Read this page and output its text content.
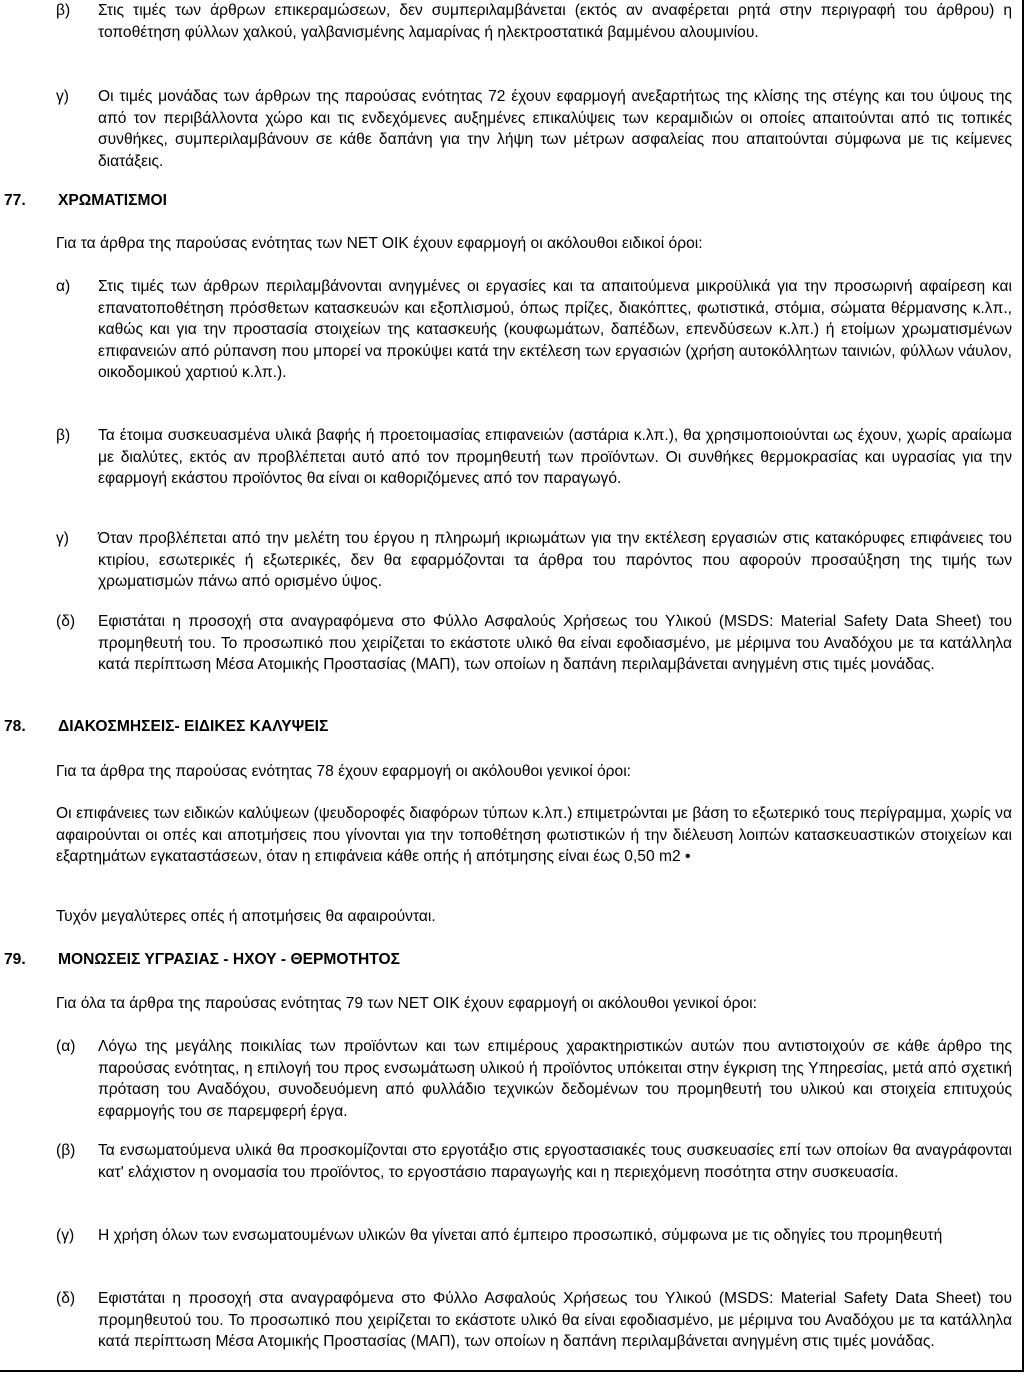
β) Στις τιμές των άρθρων επικεραμώσεων, δεν συμπεριλαμβάνεται (εκτός αν αναφέρεται ρητά στην περιγραφή του άρθρου) η τοποθέτηση φύλλων χαλκού, γαλβανισμένης λαμαρίνας ή ηλεκτροστατικά βαμμένου αλουμινίου.
γ) Οι τιμές μονάδας των άρθρων της παρούσας ενότητας 72 έχουν εφαρμογή ανεξαρτήτως της κλίσης της στέγης και του ύψους της από τον περιβάλλοντα χώρο και τις ενδεχόμενες αυξημένες επικαλύψεις των κεραμιδιών οι οποίες απαιτούνται από τις τοπικές συνθήκες, συμπεριλαμβάνουν σε κάθε δαπάνη για την λήψη των μέτρων ασφαλείας που απαιτούνται σύμφωνα με τις κείμενες διατάξεις.
77. ΧΡΩΜΑΤΙΣΜΟΙ
Για τα άρθρα της παρούσας ενότητας των ΝΕΤ ΟΙΚ έχουν εφαρμογή οι ακόλουθοι ειδικοί όροι:
α) Στις τιμές των άρθρων περιλαμβάνονται ανηγμένες οι εργασίες και τα απαιτούμενα μικροϋλικά για την προσωρινή αφαίρεση και επανατοποθέτηση πρόσθετων κατασκευών και εξοπλισμού, όπως πρίζες, διακόπτες, φωτιστικά, στόμια, σώματα θέρμανσης κ.λπ., καθώς και για την προστασία στοιχείων της κατασκευής (κουφωμάτων, δαπέδων, επενδύσεων κ.λπ.) ή ετοίμων χρωματισμένων επιφανειών από ρύπανση που μπορεί να προκύψει κατά την εκτέλεση των εργασιών (χρήση αυτοκόλλητων ταινιών, φύλλων νάυλον, οικοδομικού χαρτιού κ.λπ.).
β) Τα έτοιμα συσκευασμένα υλικά βαφής ή προετοιμασίας επιφανειών (αστάρια κ.λπ.), θα χρησιμοποιούνται ως έχουν, χωρίς αραίωμα με διαλύτες, εκτός αν προβλέπεται αυτό από τον προμηθευτή των προϊόντων. Οι συνθήκες θερμοκρασίας και υγρασίας για την εφαρμογή εκάστου προϊόντος θα είναι οι καθοριζόμενες από τον παραγωγό.
γ) Όταν προβλέπεται από την μελέτη του έργου η πληρωμή ικριωμάτων για την εκτέλεση εργασιών στις κατακόρυφες επιφάνειες του κτιρίου, εσωτερικές ή εξωτερικές, δεν θα εφαρμόζονται τα άρθρα του παρόντος που αφορούν προσαύξηση της τιμής των χρωματισμών πάνω από ορισμένο ύψος.
(δ) Εφιστάται η προσοχή στα αναγραφόμενα στο Φύλλο Ασφαλούς Χρήσεως του Υλικού (MSDS: Material Safety Data Sheet) του προμηθευτή του. Το προσωπικό που χειρίζεται το εκάστοτε υλικό θα είναι εφοδιασμένο, με μέριμνα του Αναδόχου με τα κατάλληλα κατά περίπτωση Μέσα Ατομικής Προστασίας (ΜΑΠ), των οποίων η δαπάνη περιλαμβάνεται ανηγμένη στις τιμές μονάδας.
78. ΔΙΑΚΟΣΜΗΣΕΙΣ- ΕΙΔΙΚΕΣ ΚΑΛΥΨΕΙΣ
Για τα άρθρα της παρούσας ενότητας 78 έχουν εφαρμογή οι ακόλουθοι γενικοί όροι:
Οι επιφάνειες των ειδικών καλύψεων (ψευδοροφές διαφόρων τύπων κ.λπ.) επιμετρώνται με βάση το εξωτερικό τους περίγραμμα, χωρίς να αφαιρούνται οι οπές και αποτμήσεις που γίνονται για την τοποθέτηση φωτιστικών ή την διέλευση λοιπών κατασκευαστικών στοιχείων και εξαρτημάτων εγκαταστάσεων, όταν η επιφάνεια κάθε οπής ή απότμησης είναι έως 0,50 m2 •
Τυχόν μεγαλύτερες οπές ή αποτμήσεις θα αφαιρούνται.
79. ΜΟΝΩΣΕΙΣ ΥΓΡΑΣΙΑΣ - ΗΧΟΥ - ΘΕΡΜΟΤΗΤΟΣ
Για όλα τα άρθρα της παρούσας ενότητας 79 των ΝΕΤ ΟΙΚ έχουν εφαρμογή οι ακόλουθοι γενικοί όροι:
(α) Λόγω της μεγάλης ποικιλίας των προϊόντων και των επιμέρους χαρακτηριστικών αυτών που αντιστοιχούν σε κάθε άρθρο της παρούσας ενότητας, η επιλογή του προς ενσωμάτωση υλικού ή προϊόντος υπόκειται στην έγκριση της Υπηρεσίας, μετά από σχετική πρόταση του Αναδόχου, συνοδευόμενη από φυλλάδιο τεχνικών δεδομένων του προμηθευτή του υλικού και στοιχεία επιτυχούς εφαρμογής του σε παρεμφερή έργα.
(β) Τα ενσωματούμενα υλικά θα προσκομίζονται στο εργοτάξιο στις εργοστασιακές τους συσκευασίες επί των οποίων θα αναγράφονται κατ' ελάχιστον η ονομασία του προϊόντος, το εργοστάσιο παραγωγής και η περιεχόμενη ποσότητα στην συσκευασία.
(γ) Η χρήση όλων των ενσωματουμένων υλικών θα γίνεται από έμπειρο προσωπικό, σύμφωνα με τις οδηγίες του προμηθευτή
(δ) Εφιστάται η προσοχή στα αναγραφόμενα στο Φύλλο Ασφαλούς Χρήσεως του Υλικού (MSDS: Material Safety Data Sheet) του προμηθευτού του. Το προσωπικό που χειρίζεται το εκάστοτε υλικό θα είναι εφοδιασμένο, με μέριμνα του Αναδόχου με τα κατάλληλα κατά περίπτωση Μέσα Ατομικής Προστασίας (ΜΑΠ), των οποίων η δαπάνη περιλαμβάνεται ανηγμένη στις τιμές μονάδας.
